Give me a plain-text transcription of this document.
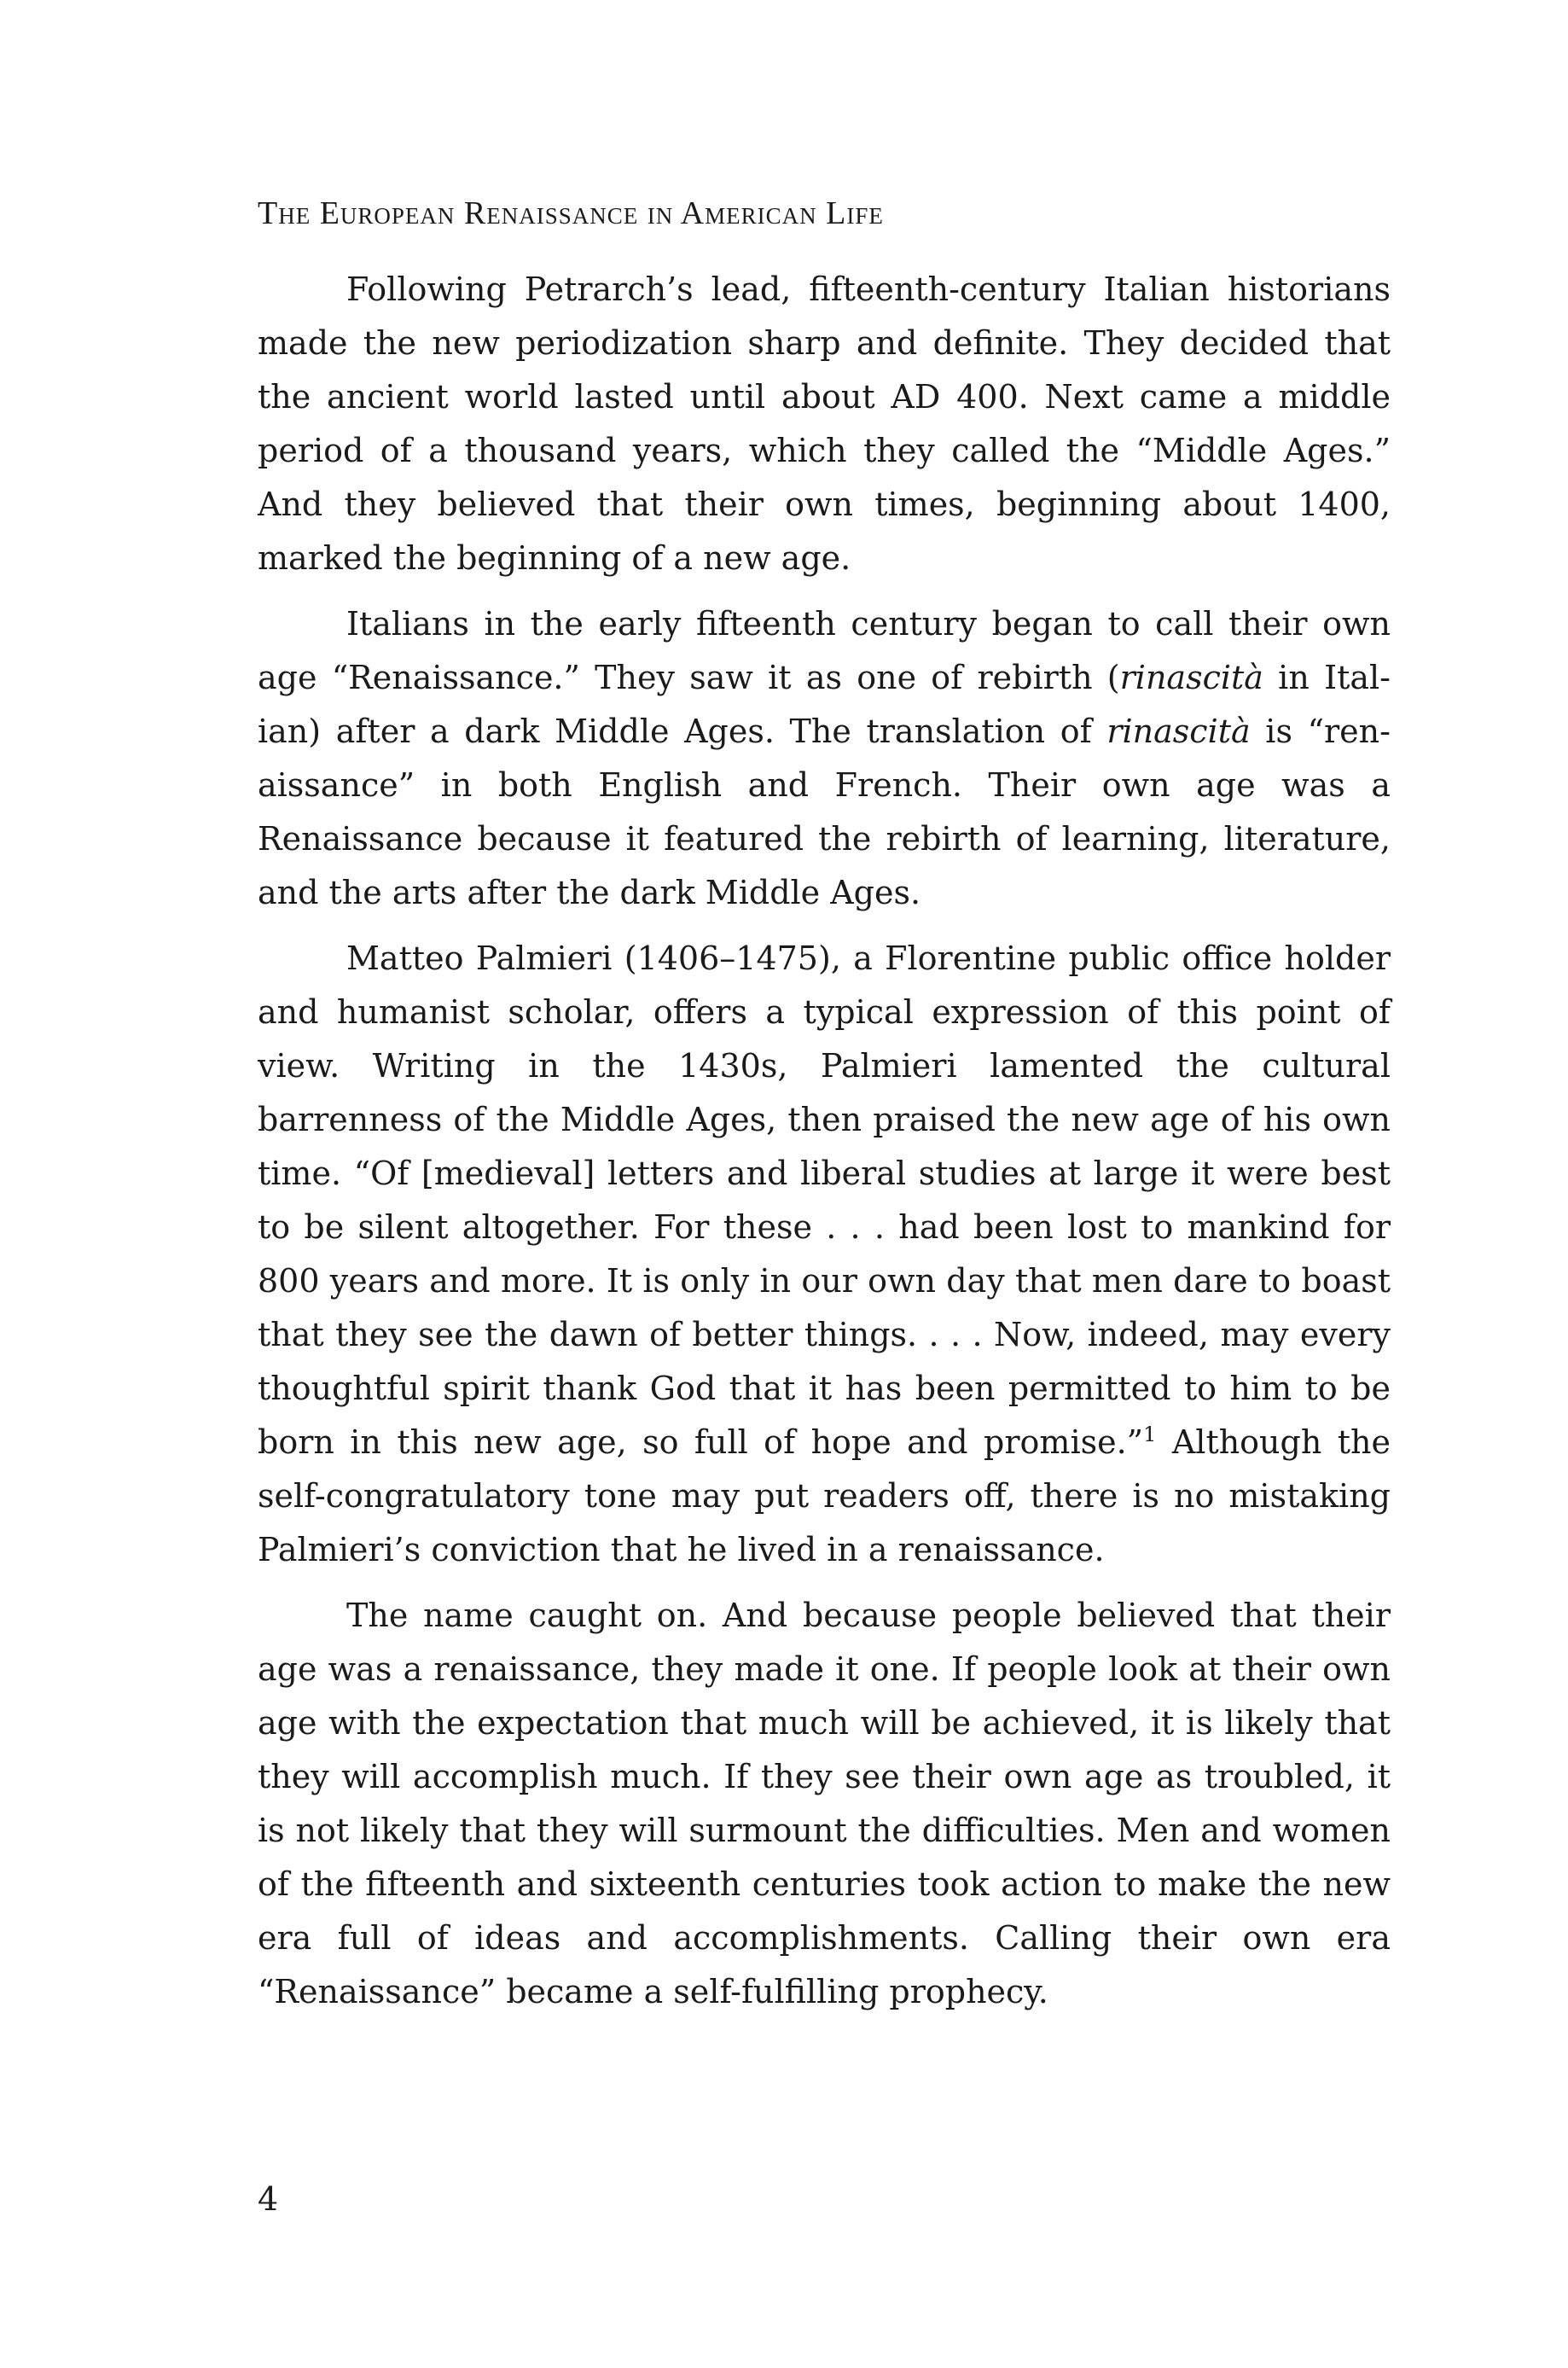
The European Renaissance in American Life

Following Petrarch’s lead, fifteenth-century Italian historians made the new periodization sharp and definite. They decided that the ancient world lasted until about AD 400. Next came a middle period of a thousand years, which they called the “Middle Ages.” And they believed that their own times, beginning about 1400, marked the beginning of a new age.

Italians in the early fifteenth century began to call their own age “Renaissance.” They saw it as one of rebirth (rinascità in Italian) after a dark Middle Ages. The translation of rinascità is “renaissance” in both English and French. Their own age was a Renaissance because it featured the rebirth of learning, literature, and the arts after the dark Middle Ages.

Matteo Palmieri (1406–1475), a Florentine public office holder and humanist scholar, offers a typical expression of this point of view. Writing in the 1430s, Palmieri lamented the cultural barrenness of the Middle Ages, then praised the new age of his own time. “Of [medieval] letters and liberal studies at large it were best to be silent altogether. For these . . . had been lost to mankind for 800 years and more. It is only in our own day that men dare to boast that they see the dawn of better things. . . . Now, indeed, may every thoughtful spirit thank God that it has been permitted to him to be born in this new age, so full of hope and promise.”$^1$ Although the self-congratulatory tone may put readers off, there is no mistaking Palmieri’s conviction that he lived in a renaissance.

The name caught on. And because people believed that their age was a renaissance, they made it one. If people look at their own age with the expectation that much will be achieved, it is likely that they will accomplish much. If they see their own age as troubled, it is not likely that they will surmount the difficulties. Men and women of the fifteenth and sixteenth centuries took action to make the new era full of ideas and accomplishments. Calling their own era “Renaissance” became a self-fulfilling prophecy.

4
